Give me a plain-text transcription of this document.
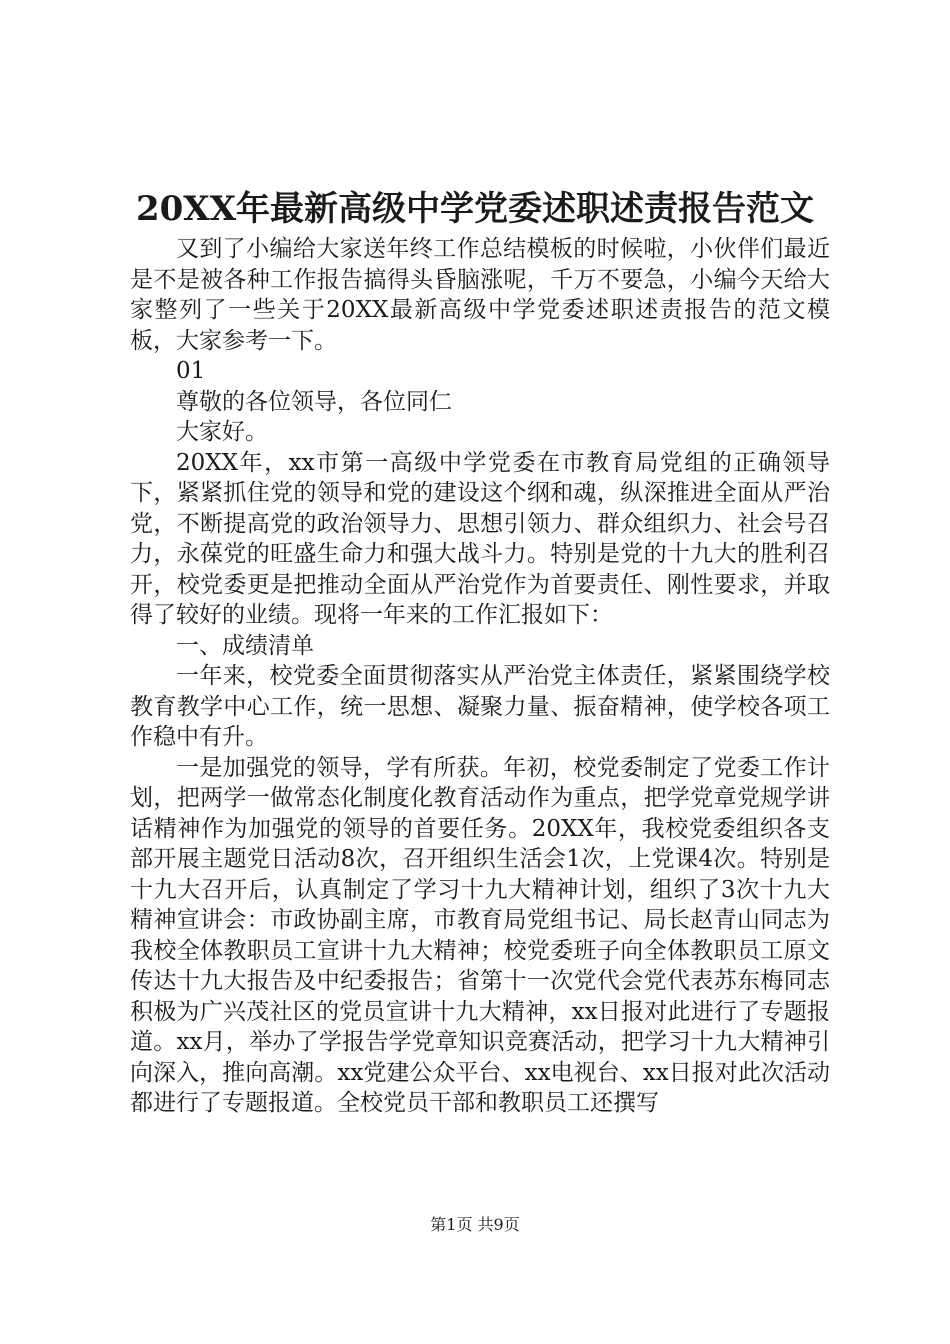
20XX年最新高级中学党委述职述责报告范文

又到了小编给大家送年终工作总结模板的时候啦，小伙伴们最近是不是被各种工作报告搞得头昏脑涨呢，千万不要急，小编今天给大家整列了一些关于20XX最新高级中学党委述职述责报告的范文模板，大家参考一下。

01

尊敬的各位领导，各位同仁

大家好。

20XX年，xx市第一高级中学党委在市教育局党组的正确领导下，紧紧抓住党的领导和党的建设这个纲和魂，纵深推进全面从严治党，不断提高党的政治领导力、思想引领力、群众组织力、社会号召力，永葆党的旺盛生命力和强大战斗力。特别是党的十九大的胜利召开，校党委更是把推动全面从严治党作为首要责任、刚性要求，并取得了较好的业绩。现将一年来的工作汇报如下：

一、成绩清单

一年来，校党委全面贯彻落实从严治党主体责任，紧紧围绕学校教育教学中心工作，统一思想、凝聚力量、振奋精神，使学校各项工作稳中有升。

一是加强党的领导，学有所获。年初，校党委制定了党委工作计划，把两学一做常态化制度化教育活动作为重点，把学党章党规学讲话精神作为加强党的领导的首要任务。20XX年，我校党委组织各支部开展主题党日活动8次，召开组织生活会1次，上党课4次。特别是十九大召开后，认真制定了学习十九大精神计划，组织了3次十九大精神宣讲会：市政协副主席，市教育局党组书记、局长赵青山同志为我校全体教职员工宣讲十九大精神；校党委班子向全体教职员工原文传达十九大报告及中纪委报告；省第十一次党代会党代表苏东梅同志积极为广兴茂社区的党员宣讲十九大精神，xx日报对此进行了专题报道。xx月，举办了学报告学党章知识竞赛活动，把学习十九大精神引向深入，推向高潮。xx党建公众平台、xx电视台、xx日报对此次活动都进行了专题报道。全校党员干部和教职员工还撰写

第1页 共9页
